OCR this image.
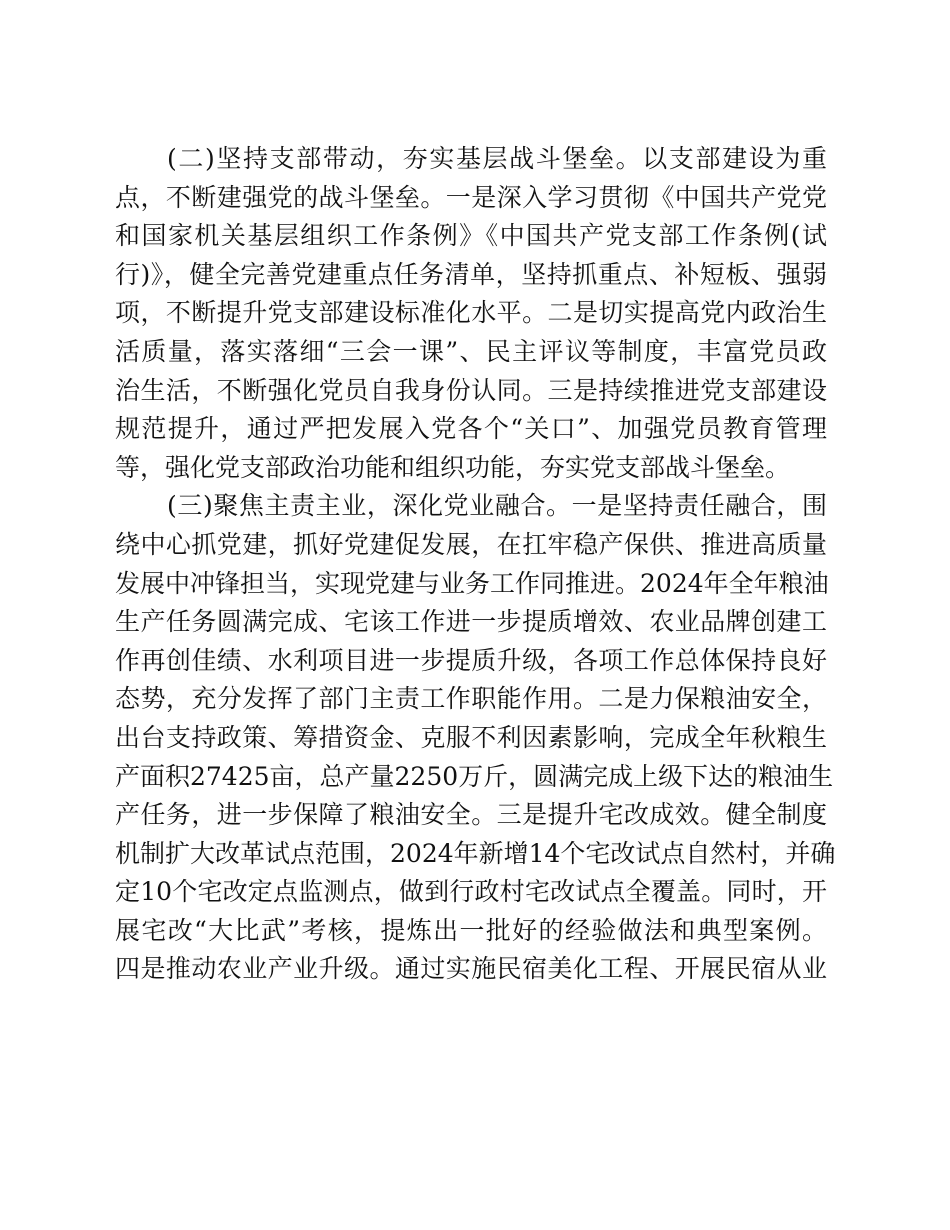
(二)坚持支部带动，夯实基层战斗堡垒。以支部建设为重
点，不断建强党的战斗堡垒。一是深入学习贯彻《中国共产党党
和国家机关基层组织工作条例》《中国共产党支部工作条例(试
行)》，健全完善党建重点任务清单，坚持抓重点、补短板、强弱
项，不断提升党支部建设标准化水平。二是切实提高党内政治生
活质量，落实落细“三会一课”、民主评议等制度，丰富党员政
治生活，不断强化党员自我身份认同。三是持续推进党支部建设
规范提升，通过严把发展入党各个“关口”、加强党员教育管理
等，强化党支部政治功能和组织功能，夯实党支部战斗堡垒。
(三)聚焦主责主业，深化党业融合。一是坚持责任融合，围
绕中心抓党建，抓好党建促发展，在扛牢稳产保供、推进高质量
发展中冲锋担当，实现党建与业务工作同推进。2024年全年粮油
生产任务圆满完成、宅该工作进一步提质增效、农业品牌创建工
作再创佳绩、水利项目进一步提质升级，各项工作总体保持良好
态势，充分发挥了部门主责工作职能作用。二是力保粮油安全，
出台支持政策、筹措资金、克服不利因素影响，完成全年秋粮生
产面积27425亩，总产量2250万斤，圆满完成上级下达的粮油生
产任务，进一步保障了粮油安全。三是提升宅改成效。健全制度
机制扩大改革试点范围，2024年新增14个宅改试点自然村，并确
定10个宅改定点监测点，做到行政村宅改试点全覆盖。同时，开
展宅改“大比武”考核，提炼出一批好的经验做法和典型案例。
四是推动农业产业升级。通过实施民宿美化工程、开展民宿从业
